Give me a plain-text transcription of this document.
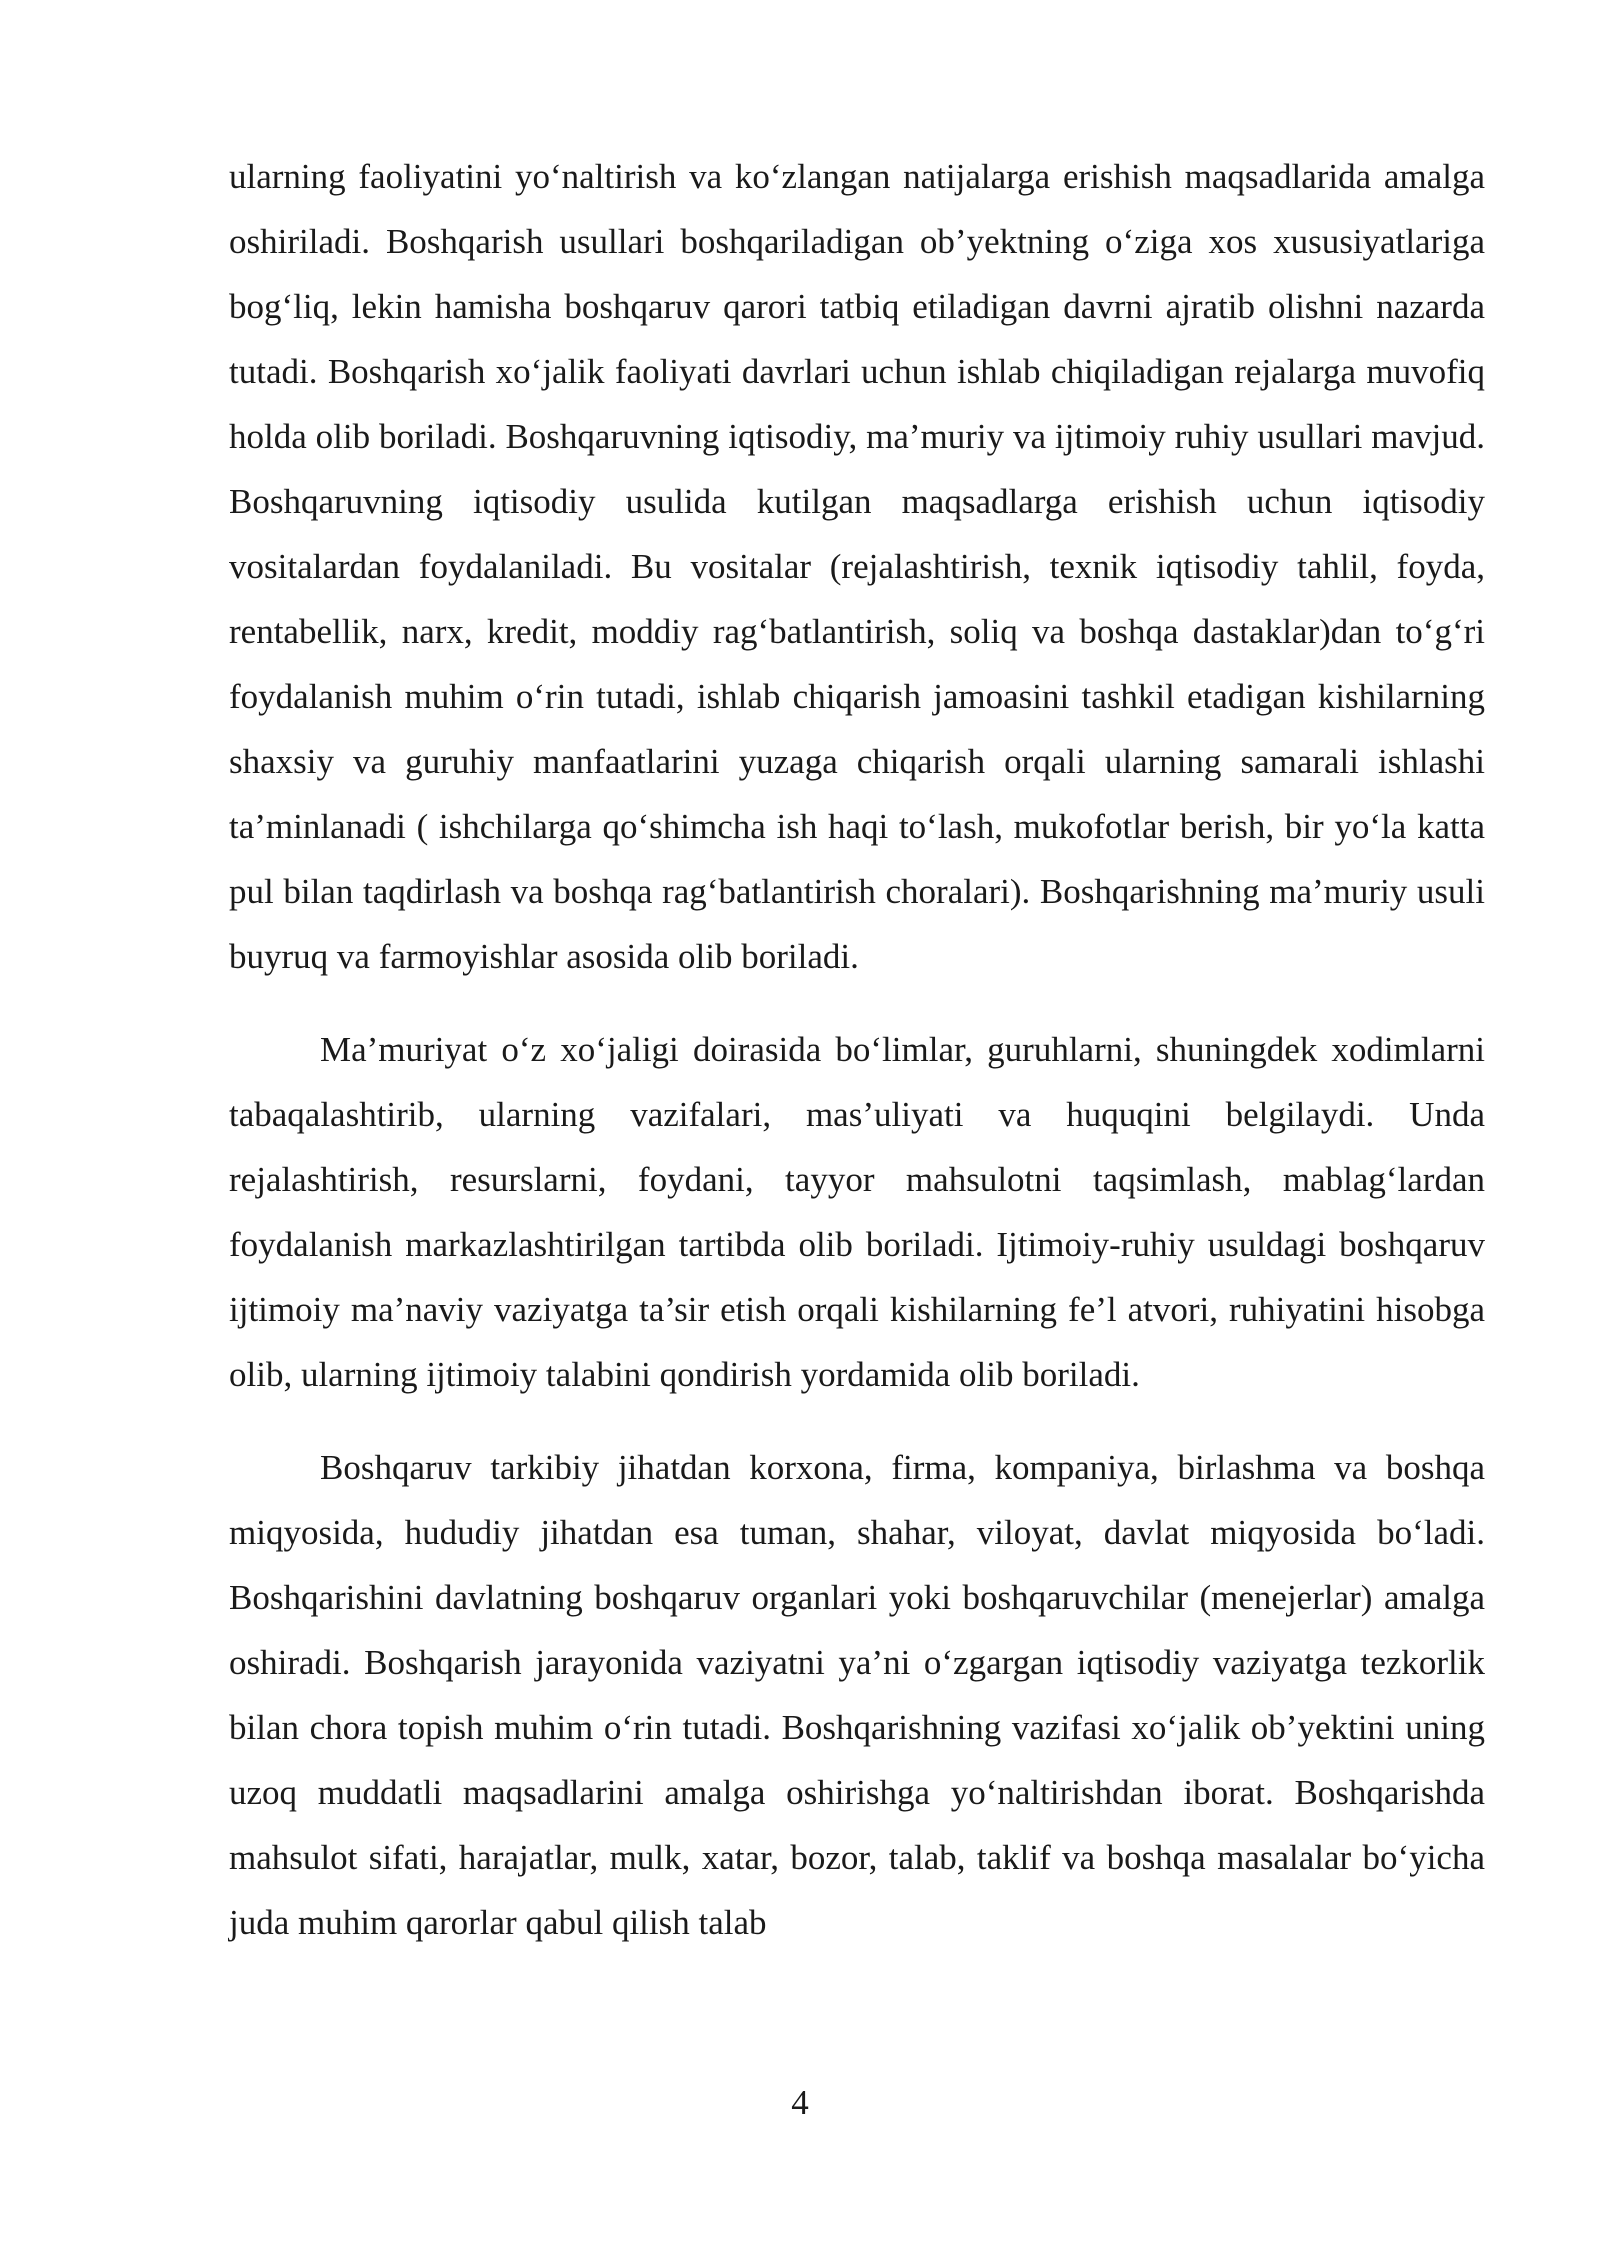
ularning faoliyatini yo‘naltirish va ko‘zlangan natijalarga erishish maqsadlarida amalga oshiriladi. Boshqarish usullari boshqariladigan ob’yektning o‘ziga xos xususiyatlariga bog‘liq, lekin hamisha boshqaruv qarori tatbiq etiladigan davrni ajratib olishni nazarda tutadi. Boshqarish xo‘jalik faoliyati davrlari uchun ishlab chiqiladigan rejalarga muvofiq holda olib boriladi. Boshqaruvning iqtisodiy, ma’muriy va ijtimoiy ruhiy usullari mavjud. Boshqaruvning iqtisodiy usulida kutilgan maqsadlarga erishish uchun iqtisodiy vositalardan foydalaniladi. Bu vositalar (rejalashtirish, texnik iqtisodiy tahlil, foyda, rentabellik, narx, kredit, moddiy rag‘batlantirish, soliq va boshqa dastaklar)dan to‘g‘ri foydalanish muhim o‘rin tutadi, ishlab chiqarish jamoasini tashkil etadigan kishilarning shaxsiy va guruhiy manfaatlarini yuzaga chiqarish orqali ularning samarali ishlashi ta’minlanadi ( ishchilarga qo‘shimcha ish haqi to‘lash, mukofotlar berish, bir yo‘la katta pul bilan taqdirlash va boshqa rag‘batlantirish choralari). Boshqarishning ma’muriy usuli buyruq va farmoyishlar asosida olib boriladi.

Ma’muriyat o‘z xo‘jaligi doirasida bo‘limlar, guruhlarni, shuningdek xodimlarni tabaqalashtirib, ularning vazifalari, mas’uliyati va huquqini belgilaydi. Unda rejalashtirish, resurslarni, foydani, tayyor mahsulotni taqsimlash, mablag‘lardan foydalanish markazlashtirilgan tartibda olib boriladi. Ijtimoiy-ruhiy usuldagi boshqaruv ijtimoiy ma’naviy vaziyatga ta’sir etish orqali kishilarning fe’l atvori, ruhiyatini hisobga olib, ularning ijtimoiy talabini qondirish yordamida olib boriladi.

Boshqaruv tarkibiy jihatdan korxona, firma, kompaniya, birlashma va boshqa miqyosida, hududiy jihatdan esa tuman, shahar, viloyat, davlat miqyosida bo‘ladi. Boshqarishini davlatning boshqaruv organlari yoki boshqaruvchilar (menejerlar) amalga oshiradi. Boshqarish jarayonida vaziyatni ya’ni o‘zgargan iqtisodiy vaziyatga tezkorlik bilan chora topish muhim o‘rin tutadi. Boshqarishning vazifasi xo‘jalik ob’yektini uning uzoq muddatli maqsadlarini amalga oshirishga yo‘naltirishdan iborat. Boshqarishda mahsulot sifati, harajatlar, mulk, xatar, bozor, talab, taklif va boshqa masalalar bo‘yicha juda muhim qarorlar qabul qilish talab

4
